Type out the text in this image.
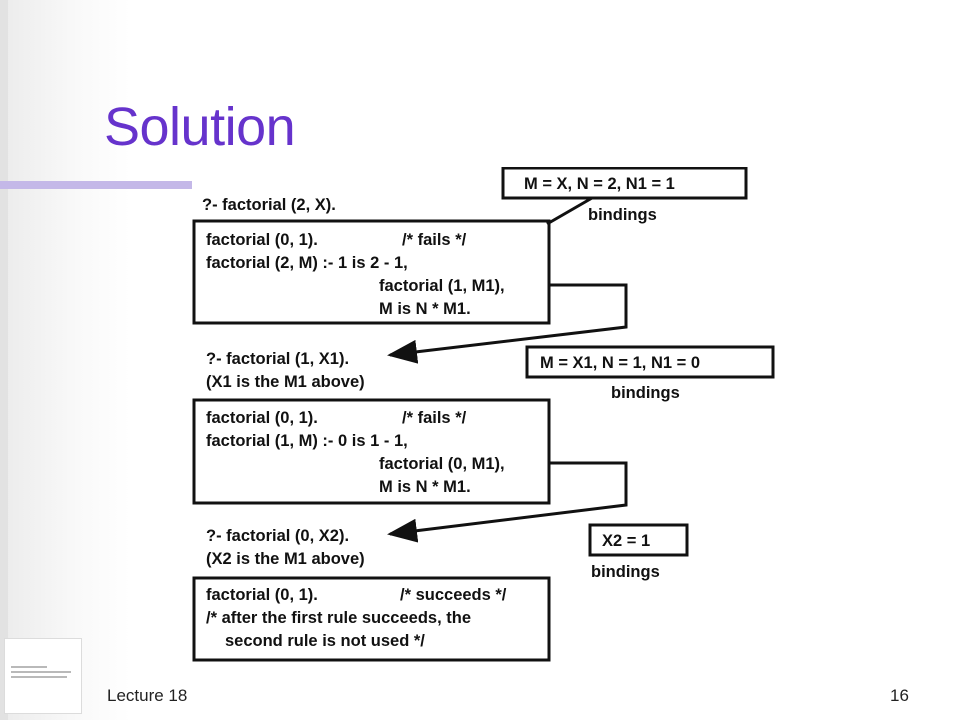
Solution
?- factorial (2, X).
M = X, N = 2, N1 = 1
bindings
factorial (0, 1).	/* fails */
factorial (2, M) :- 1 is 2 - 1,
factorial (1, M1),
M is N * M1.
?- factorial (1, X1).
(X1 is the M1 above)
M = X1, N = 1, N1 = 0
bindings
factorial (0, 1).	/* fails */
factorial (1, M) :- 0 is 1 - 1,
factorial (0, M1),
M is N * M1.
?- factorial (0, X2).
(X2 is the M1 above)
X2 = 1
bindings
factorial (0, 1).	/* succeeds */
/* after the first rule succeeds, the
second rule is not used */
Lecture 18	16
